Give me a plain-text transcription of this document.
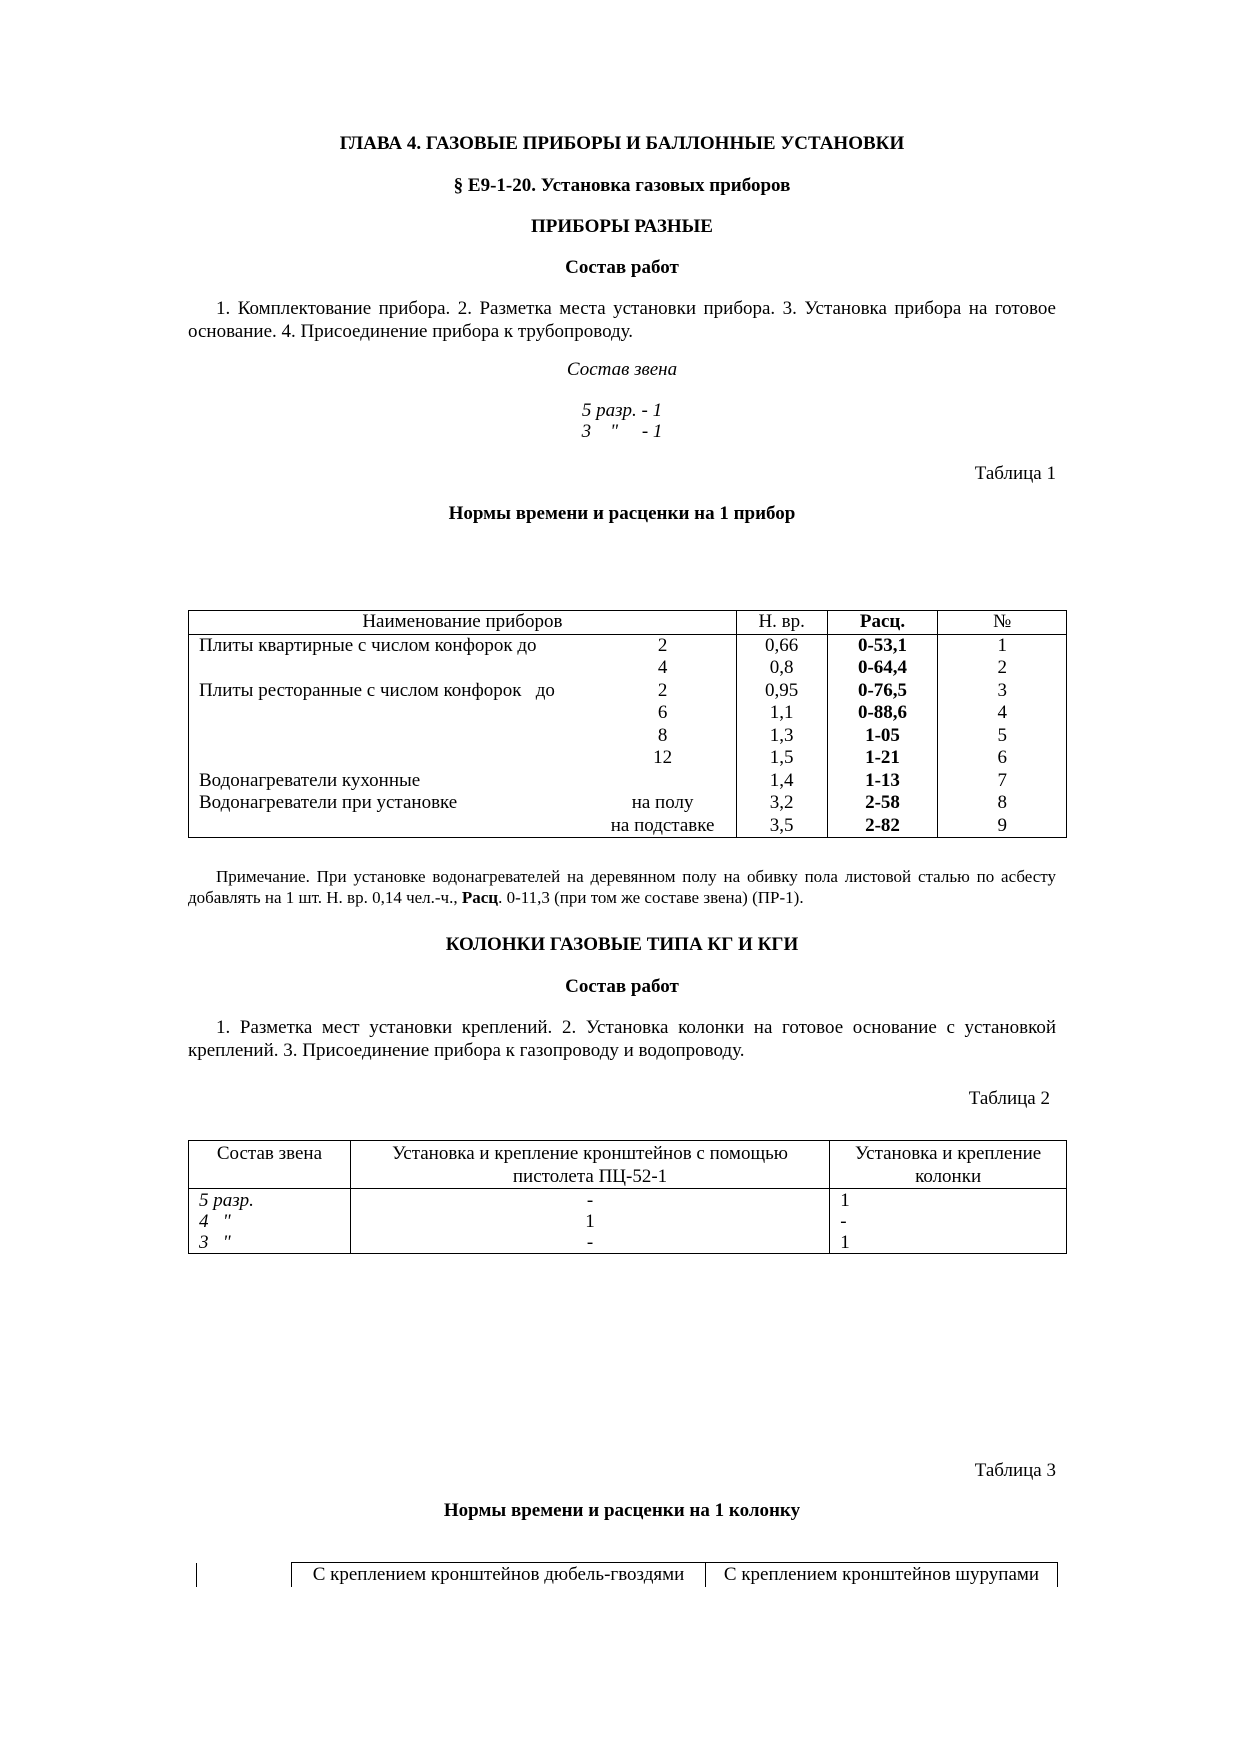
ГЛАВА 4. ГАЗОВЫЕ ПРИБОРЫ И БАЛЛОННЫЕ УСТАНОВКИ
§ Е9-1-20. Установка газовых приборов
ПРИБОРЫ РАЗНЫЕ
Состав работ
1. Комплектование прибора. 2. Разметка места установки прибора. 3. Установка прибора на готовое основание. 4. Присоединение прибора к трубопроводу.
Состав звена
5 разр. - 1
3    "     - 1
Таблица 1
Нормы времени и расценки на 1 прибор
Наименование приборов		Н. вр.	Расц.	№
Плиты квартирные с числом конфорок до	2	0,66	0-53,1	1
	4	0,8	0-64,4	2
Плиты ресторанные с числом конфорок   до	2	0,95	0-76,5	3
	6	1,1	0-88,6	4
	8	1,3	1-05	5
	12	1,5	1-21	6
Водонагреватели кухонные		1,4	1-13	7
Водонагреватели при установке	на полу	3,2	2-58	8
	на подставке	3,5	2-82	9
Примечание. При установке водонагревателей на деревянном полу на обивку пола листовой сталью по асбесту добавлять на 1 шт. Н. вр. 0,14 чел.-ч., Расц. 0-11,3 (при том же составе звена) (ПР-1).
КОЛОНКИ ГАЗОВЫЕ ТИПА КГ И КГИ
Состав работ
1. Разметка мест установки креплений. 2. Установка колонки на готовое основание с установкой креплений. 3. Присоединение прибора к газопроводу и водопроводу.
Таблица 2
Состав звена	Установка и крепление кронштейнов с помощью пистолета ПЦ-52-1	Установка и крепление колонки
5 разр.	-	1
4   "	1	-
3   "	-	1
Таблица 3
Нормы времени и расценки на 1 колонку
	С креплением кронштейнов дюбель-гвоздями	С креплением кронштейнов шурупами
